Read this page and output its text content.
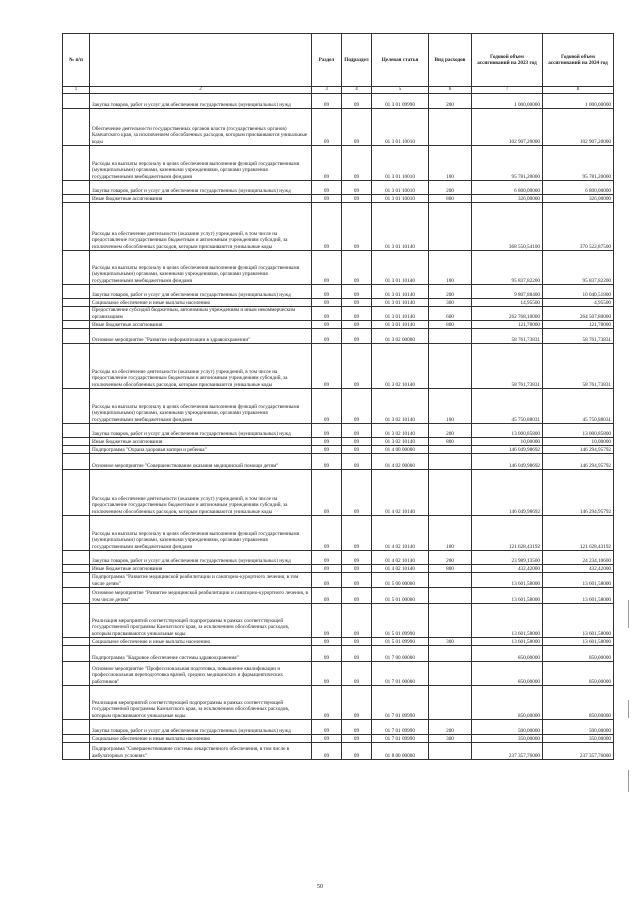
№ п/п		Раздел	Подраздел	Целевая статья	Вид расходов	Годовой объем ассигнований на 2023 год	Годовой объем ассигнований на 2024 год
1	2	3	4	5	6	7	8
	Закупка товаров, работ и услуг для обеспечения государственных (муниципальных) нужд	09	09	01 3 01 09990	200	1 000,00000	1 000,00000
	Обеспечение деятельности государственных органов власти (государственных органов) Камчатского края, за исключением обособленных расходов, которым присваиваются уникальные коды	09	09	01 3 01 10010		102 907,20000	102 907,20000
	Расходы на выплаты персоналу в целях обеспечения выполнения функций государственными (муниципальными) органами, казенными учреждениями, органами управления государственными внебюджетными фондами	09	09	01 3 01 10010	100	95 781,20000	95 781,20000
	Закупка товаров, работ и услуг для обеспечения государственных (муниципальных) нужд	09	09	01 3 01 10010	200	6 800,00000	6 800,00000
	Иные бюджетные ассигнования	09	09	01 3 01 10010	800	326,00000	326,00000
	Расходы на обеспечение деятельности (оказание услуг) учреждений, в том числе на предоставление государственным бюджетным и автономным учреждениям субсидий, за исключением обособленных расходов, которым присваиваются уникальные коды	09	09	01 3 01 10140		368 550,54100	370 522,87500
	Расходы на выплаты персоналу в целях обеспечения выполнения функций государственными (муниципальными) органами, казенными учреждениями, органами управления государственными внебюджетными фондами	09	09	01 3 01 10140	100	95 837,82200	95 837,82200
	Закупка товаров, работ и услуг для обеспечения государственных (муниципальных) нужд	09	09	01 3 01 10140	200	9 807,88400	10 040,51800
	Социальное обеспечение и иные выплаты населению	09	09	01 3 01 10140	300	14,95500	4,95500
	Предоставление субсидий бюджетным, автономным учреждениям и иным некоммерческим организациям	09	09	01 3 01 10140	600	262 768,10000	264 507,80000
	Иные бюджетные ассигнования	09	09	01 3 01 10140	800	121,78000	121,78000
	Основное мероприятие "Развитие информатизации в здравоохранении"	09	09	01 3 02 00000		58 761,73831	58 761,73831
	Расходы на обеспечение деятельности (оказание услуг) учреждений, в том числе на предоставление государственным бюджетным и автономным учреждениям субсидий, за исключением обособленных расходов, которым присваиваются уникальные коды	09	09	01 3 02 10140		58 761,73831	58 761,73831
	Расходы на выплаты персоналу в целях обеспечения выполнения функций государственными (муниципальными) органами, казенными учреждениями, органами управления государственными внебюджетными фондами	09	09	01 3 02 10140	100	45 750,88031	45 750,88031
	Закупка товаров, работ и услуг для обеспечения государственных (муниципальных) нужд	09	09	01 3 02 10140	200	13 000,85800	13 000,85800
	Иные бюджетные ассигнования	09	09	01 3 02 10140	800	10,00000	10,00000
	Подпрограмма "Охрана здоровья матери и ребенка"	09	09	01 4 00 00000		146 049,98692	146 294,95792
	Основное мероприятие "Совершенствование оказания медицинской помощи детям"	09	09	01 4 02 00000		146 049,98692	146 294,95792
	Расходы на обеспечение деятельности (оказание услуг) учреждений, в том числе на предоставление государственным бюджетным и автономным учреждениям субсидий, за исключением обособленных расходов, которым присваиваются уникальные коды	09	09	01 4 02 10140		146 049,98692	146 294,95792
	Расходы на выплаты персоналу в целях обеспечения выполнения функций государственными (муниципальными) органами, казенными учреждениями, органами управления государственными внебюджетными фондами	09	09	01 4 02 10140	100	121 628,43192	121 628,43192
	Закупка товаров, работ и услуг для обеспечения государственных (муниципальных) нужд	09	09	01 4 02 10140	200	23 989,13500	24 234,10600
	Иные бюджетные ассигнования	09	09	01 4 02 10140	800	432,42000	432,42000
	Подпрограмма "Развитие медицинской реабилитации и санаторно-курортного лечения, в том числе детям"	09	09	01 5 00 00000		13 601,58000	13 601,58000
	Основное мероприятие "Развитие медицинской реабилитации и санаторно-курортного лечения, в том числе детям"	09	09	01 5 01 00000		13 601,58000	13 601,58000
	Реализация мероприятий соответствующей подпрограммы в рамках соответствующей государственной программы Камчатского края, за исключением обособленных расходов, которым присваиваются уникальные коды	09	09	01 5 01 09990		13 601,58000	13 601,58000
	Социальное обеспечение и иные выплаты населению	09	09	01 5 01 09990	300	13 601,58000	13 601,58000
	Подпрограмма "Кадровое обеспечение системы здравоохранения"	09	09	01 7 00 00000		850,00000	850,00000
	Основное мероприятие "Профессиональная подготовка, повышение квалификации и профессиональная переподготовка врачей, средних медицинских и фармацевтических работников"	09	09	01 7 01 00000		850,00000	850,00000
	Реализация мероприятий соответствующей подпрограммы в рамках соответствующей государственной программы Камчатского края, за исключением обособленных расходов, которым присваиваются уникальные коды	09	09	01 7 01 09990		850,00000	850,00000
	Закупка товаров, работ и услуг для обеспечения государственных (муниципальных) нужд	09	09	01 7 01 09990	200	500,00000	500,00000
	Социальное обеспечение и иные выплаты населению	09	09	01 7 01 09990	300	350,00000	350,00000
	Подпрограмма "Совершенствование системы лекарственного обеспечения, в том числе в амбулаторных условиях"	09	09	01 8 00 00000		237 357,76000	237 357,76000
50
